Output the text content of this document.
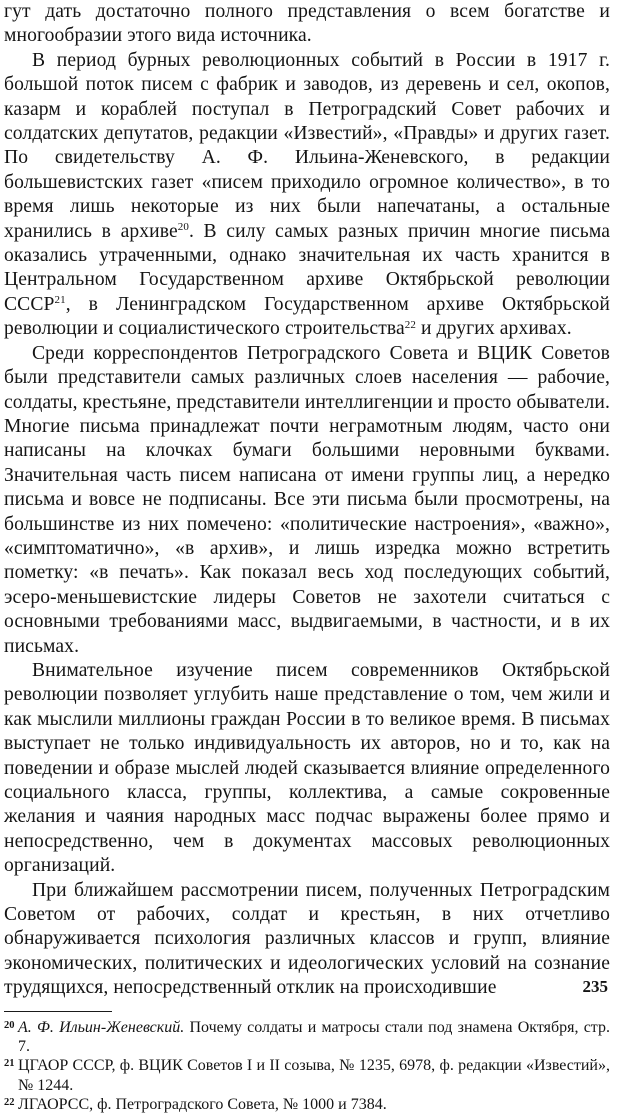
гут дать достаточно полного представления о всем богатстве и многообразии этого вида источника.

В период бурных революционных событий в России в 1917 г. большой поток писем с фабрик и заводов, из деревень и сел, окопов, казарм и кораблей поступал в Петроградский Совет рабочих и солдатских депутатов, редакции «Известий», «Правды» и других газет. По свидетельству А. Ф. Ильина-Женевского, в редакции большевистских газет «писем приходило огромное количество», в то время лишь некоторые из них были напечатаны, а остальные хранились в архиве$^{20}$. В силу самых разных причин многие письма оказались утраченными, однако значительная их часть хранится в Центральном Государственном архиве Октябрьской революции СССР$^{21}$, в Ленинградском Государственном архиве Октябрьской революции и социалистического строительства$^{22}$ и других архивах.

Среди корреспондентов Петроградского Совета и ВЦИК Советов были представители самых различных слоев населения — рабочие, солдаты, крестьяне, представители интеллигенции и просто обыватели. Многие письма принадлежат почти неграмотным людям, часто они написаны на клочках бумаги большими неровными буквами. Значительная часть писем написана от имени группы лиц, а нередко письма и вовсе не подписаны. Все эти письма были просмотрены, на большинстве из них помечено: «политические настроения», «важно», «симптоматично», «в архив», и лишь изредка можно встретить пометку: «в печать». Как показал весь ход последующих событий, эсеро-меньшевистские лидеры Советов не захотели считаться с основными требованиями масс, выдвигаемыми, в частности, и в их письмах.

Внимательное изучение писем современников Октябрьской революции позволяет углубить наше представление о том, чем жили и как мыслили миллионы граждан России в то великое время. В письмах выступает не только индивидуальность их авторов, но и то, как на поведении и образе мыслей людей сказывается влияние определенного социального класса, группы, коллектива, а самые сокровенные желания и чаяния народных масс подчас выражены более прямо и непосредственно, чем в документах массовых революционных организаций.

При ближайшем рассмотрении писем, полученных Петроградским Советом от рабочих, солдат и крестьян, в них отчетливо обнаруживается психология различных классов и групп, влияние экономических, политических и идеологических условий на сознание трудящихся, непосредственный отклик на происходившие

20 А. Ф. Ильин-Женевский. Почему солдаты и матросы стали под знамена Октября, стр. 7.
21 ЦГАОР СССР, ф. ВЦИК Советов I и II созыва, № 1235, 6978, ф. редакции «Известий», № 1244.
22 ЛГАОРСС, ф. Петроградского Совета, № 1000 и 7384.
235
